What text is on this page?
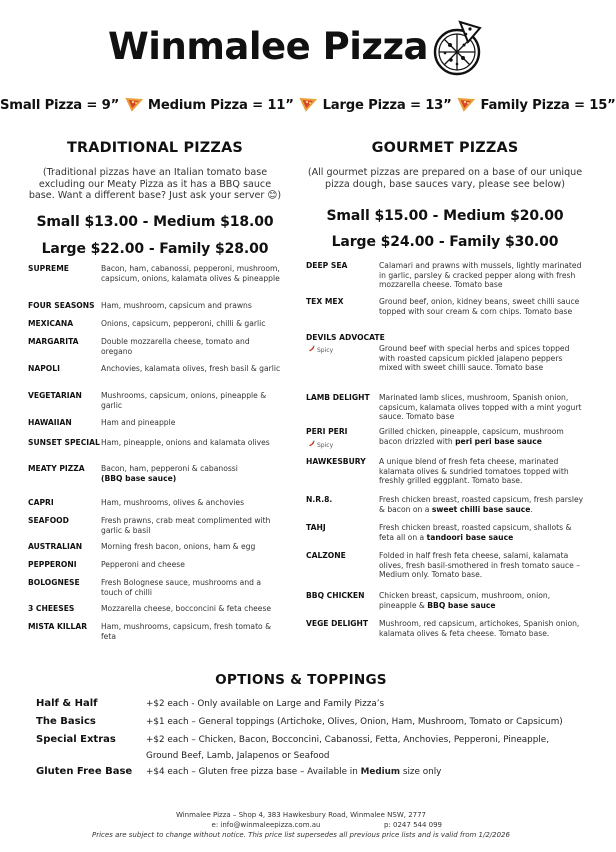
Winmalee Pizza
Small Pizza = 9” Medium Pizza = 11” Large Pizza = 13” Family Pizza = 15”
TRADITIONAL PIZZAS

(Traditional pizzas have an Italian tomato base excluding our Meaty Pizza as it has a BBQ sauce base. Want a different base? Just ask your server 😊)

Small $13.00 - Medium $18.00
Large $22.00 - Family $28.00
SUPREME	Bacon, ham, cabanossi, pepperoni, mushroom, capsicum, onions, kalamata olives & pineapple
FOUR SEASONS Ham, mushroom, capsicum and prawns
MEXICANA	Onions, capsicum, pepperoni, chilli & garlic
MARGARITA	Double mozzarella cheese, tomato and oregano
NAPOLI	Anchovies, kalamata olives, fresh basil & garlic
VEGETARIAN	Mushrooms, capsicum, onions, pineapple & garlic
HAWAIIAN	Ham and pineapple
SUNSET SPECIAL Ham, pineapple, onions and kalamata olives
MEATY PIZZA Bacon, ham, pepperoni & cabanossi
(BBQ base sauce)
CAPRI	Ham, mushrooms, olives & anchovies
SEAFOOD	Fresh prawns, crab meat complimented with garlic & basil
AUSTRALIAN Morning fresh bacon, onions, ham & egg
PEPPERONI	Pepperoni and cheese
BOLOGNESE	Fresh Bolognese sauce, mushrooms and a touch of chilli
3 CHEESES	Mozzarella cheese, bocconcini & feta cheese
MISTA KILLAR Ham, mushrooms, capsicum, fresh tomato & feta
GOURMET PIZZAS

(All gourmet pizzas are prepared on a base of our unique pizza dough, base sauces vary, please see below)

Small $15.00 - Medium $20.00
Large $24.00 - Family $30.00
DEEP SEA	Calamari and prawns with mussels, lightly marinated in garlic, parsley & cracked pepper along with fresh mozzarella cheese. Tomato base
TEX MEX	Ground beef, onion, kidney beans, sweet chilli sauce topped with sour cream & corn chips. Tomato base
DEVILS ADVOCATE
Ground beef with special herbs and spices topped with roasted capsicum pickled jalapeno peppers mixed with sweet chilli sauce. Tomato base
Spicy
LAMB DELIGHT Marinated lamb slices, mushroom, Spanish onion, capsicum, kalamata olives topped with a mint yogurt sauce. Tomato base
PERI PERI	Grilled chicken, pineapple, capsicum, mushroom bacon drizzled with peri peri base sauce
Spicy
HAWKESBURY A unique blend of fresh feta cheese, marinated kalamata olives & sundried tomatoes topped with freshly grilled eggplant. Tomato base.
N.R.8.	Fresh chicken breast, roasted capsicum, fresh parsley & bacon on a sweet chilli base sauce.
TAHJ	Fresh chicken breast, roasted capsicum, shallots & feta all on a tandoori base sauce
CALZONE	Folded in half fresh feta cheese, salami, kalamata olives, fresh basil-smothered in fresh tomato sauce – Medium only. Tomato base.
BBQ CHICKEN Chicken breast, capsicum, mushroom, onion, pineapple & BBQ base sauce
VEGE DELIGHT Mushroom, red capsicum, artichokes, Spanish onion, kalamata olives & feta cheese. Tomato base.
OPTIONS & TOPPINGS
Half & Half	+$2 each - Only available on Large and Family Pizza’s
The Basics	+$1 each – General toppings (Artichoke, Olives, Onion, Ham, Mushroom, Tomato or Capsicum)
Special Extras	+$2 each – Chicken, Bacon, Bocconcini, Cabanossi, Fetta, Anchovies, Pepperoni, Pineapple, Ground Beef, Lamb, Jalapenos or Seafood
Gluten Free Base +$4 each – Gluten free pizza base – Available in Medium size only
Winmalee Pizza – Shop 4, 383 Hawkesbury Road, Winmalee NSW, 2777
e: info@winmaleepizza.com.au	p: 0247 544 099
Prices are subject to change without notice. This price list supersedes all previous price lists and is valid from 1/2/2026
